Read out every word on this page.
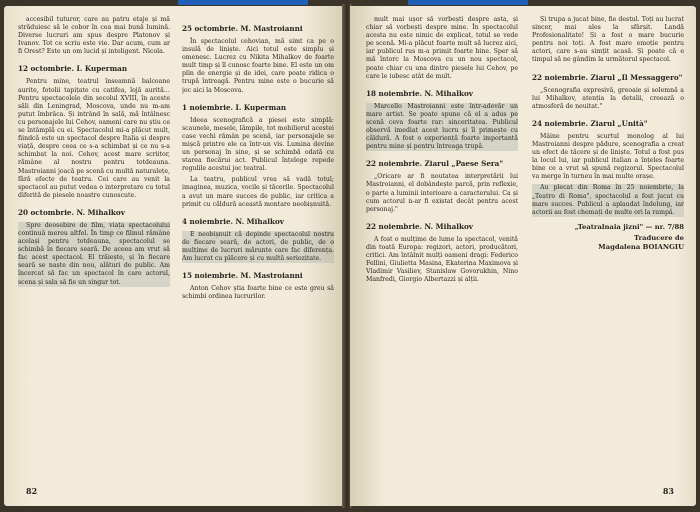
accesibil tuturor, care au patru etaje și mă străduiesc să le cobor în cea mai bună lumină. Diverse lucruri am spus despre Platonov și Ivanov. Tot ce scriu este vie. Dar acum, cum ar fi Orest? Este un om lucid și inteligent. Nicola.

12 octombrie. I. Kuperman

Pentru mine, teatrul înseamnă balcoane aurite, fotolii tapițate cu catifea, lojă aurită… Pentru spectacolele din secolul XVIII, în aceste săli din Leningrad, Moscova, unde nu m-am putut îmbrăca. Și intrând în sală, mă întâlnesc cu personajele lui Cehov, oameni care nu știu ce se întâmplă cu ei. Spectacolul mi-a plăcut mult, fiindcă este un spectacol despre Italia și despre viață, despre ceea ce s-a schimbat și ce nu s-a schimbat la noi. Cehov, acest mare scriitor, rămâne al nostru pentru totdeauna. Mastroianni joacă pe scenă cu multă naturalețe, fără efecte de teatru. Cei care au venit la spectacol au putut vedea o interpretare cu totul diferită de piesele noastre cunoscute.

20 octombrie. N. Mihalkov

Spre deosebire de film, viața spectacolului continuă mereu altfel. În timp ce filmul rămâne același pentru totdeauna, spectacolul se schimbă în fiecare seară. De aceea am vrut să fac acest spectacol. El trăiește, și în fiecare seară se naște din nou, alături de public. Am încercat să fac un spectacol în care actorul, scena și sala să fie un singur tot.

25 octombrie. M. Mastroianni

În spectacolul cehovian, mă simt ca pe o insulă de liniște. Aici totul este simplu și omenesc. Lucrez cu Nikita Mihalkov de foarte mult timp și îl cunosc foarte bine. El este un om plin de energie și de idei, care poate ridica o trupă întreagă. Pentru mine este o bucurie să joc aici la Moscova.

1 noiembrie. I. Kuperman

Ideea scenografică a piesei este simplă: scaunele, mesele, lămpile, tot mobilierul acestei case vechi rămân pe scenă, iar personajele se mișcă printre ele ca într-un vis. Lumina devine un personaj în sine, și se schimbă odată cu starea fiecărui act. Publicul înțelege repede regulile acestui joc teatral.

La teatru, publicul vrea să vadă totul; imaginea, muzica, vocile și tăcerile. Spectacolul a avut un mare succes de public, iar critica a primit cu căldură această montare neobișnuită.

4 noiembrie. N. Mihalkov

E neobișnuit că depinde spectacolul nostru de fiecare seară, de actori, de public, de o mulțime de lucruri mărunte care fac diferența. Am lucrat cu plăcere și cu multă seriozitate.

15 noiembrie. M. Mastroianni

Anton Cehov știa foarte bine ce este greu să schimbi ordinea lucrurilor.

82

mult mai ușor să vorbești despre asta, și chiar să vorbești despre mine. În spectacolul acesta nu este nimic de explicat, totul se vede pe scenă. Mi-a plăcut foarte mult să lucrez aici, iar publicul rus m-a primit foarte bine. Sper să mă întorc la Moscova cu un nou spectacol, poate chiar cu una dintre piesele lui Cehov, pe care le iubesc atât de mult.

18 noiembrie. N. Mihalkov

Marcello Mastroianni este într-adevăr un mare artist. Se poate spune că el a adus pe scenă ceva foarte rar: sinceritatea. Publicul observă imediat acest lucru și îl primește cu căldură. A fost o experiență foarte importantă pentru mine și pentru întreaga trupă.

22 noiembrie. Ziarul „Paese Sera"

„Oricare ar fi noutatea interpretării lui Mastroianni, el dobândește parcă, prin reflexie, o parte a luminii interioare a caracterului. Ca și cum actorul n-ar fi existat decât pentru acest personaj."

22 noiembrie. N. Mihalkov

A fost o mulțime de lume la spectacol, venită din toată Europa: regizori, actori, producători, critici. Am întâlnit mulți oameni dragi: Federico Fellini, Giulietta Masina, Ekaterina Maximova și Vladimir Vasiliev, Stanislaw Govorukhin, Nino Manfredi, Giorgio Albertazzi și alții.

Și trupa a jucat bine, fie destul. Toți au lucrat sincer, mai ales la sfârșit. Landă Profesionalitate! Și a fost o mare bucurie pentru noi toți. A fost mare emoție pentru actori, care s-au simțit acasă. Și poate că e timpul să ne gândim la următorul spectacol.

22 noiembrie. Ziarul „Il Messaggero"

„Scenografia expresivă, greoaie și solemnă a lui Mihalkov, atenția la detalii, creează o atmosferă de neuitat."

24 noiembrie. Ziarul „Unità"

Mâine pentru scurtul monolog al lui Mastroianni despre pădure, scenografia a creat un efect de tăcere și de liniște. Totul a fost pus la locul lui, iar publicul italian a înțeles foarte bine ce a vrut să spună regizorul. Spectacolul va merge în turneu în mai multe orașe.

Au plecat din Roma în 25 noiembrie, la „Teatro di Roma", spectacolul a fost jucat cu mare succes. Publicul a aplaudat îndelung, iar actorii au fost chemați de multe ori la rampă.

„Teatralnaia jizni" — nr. 7/88
Traducere de
Magdalena BOIANGIU
83
